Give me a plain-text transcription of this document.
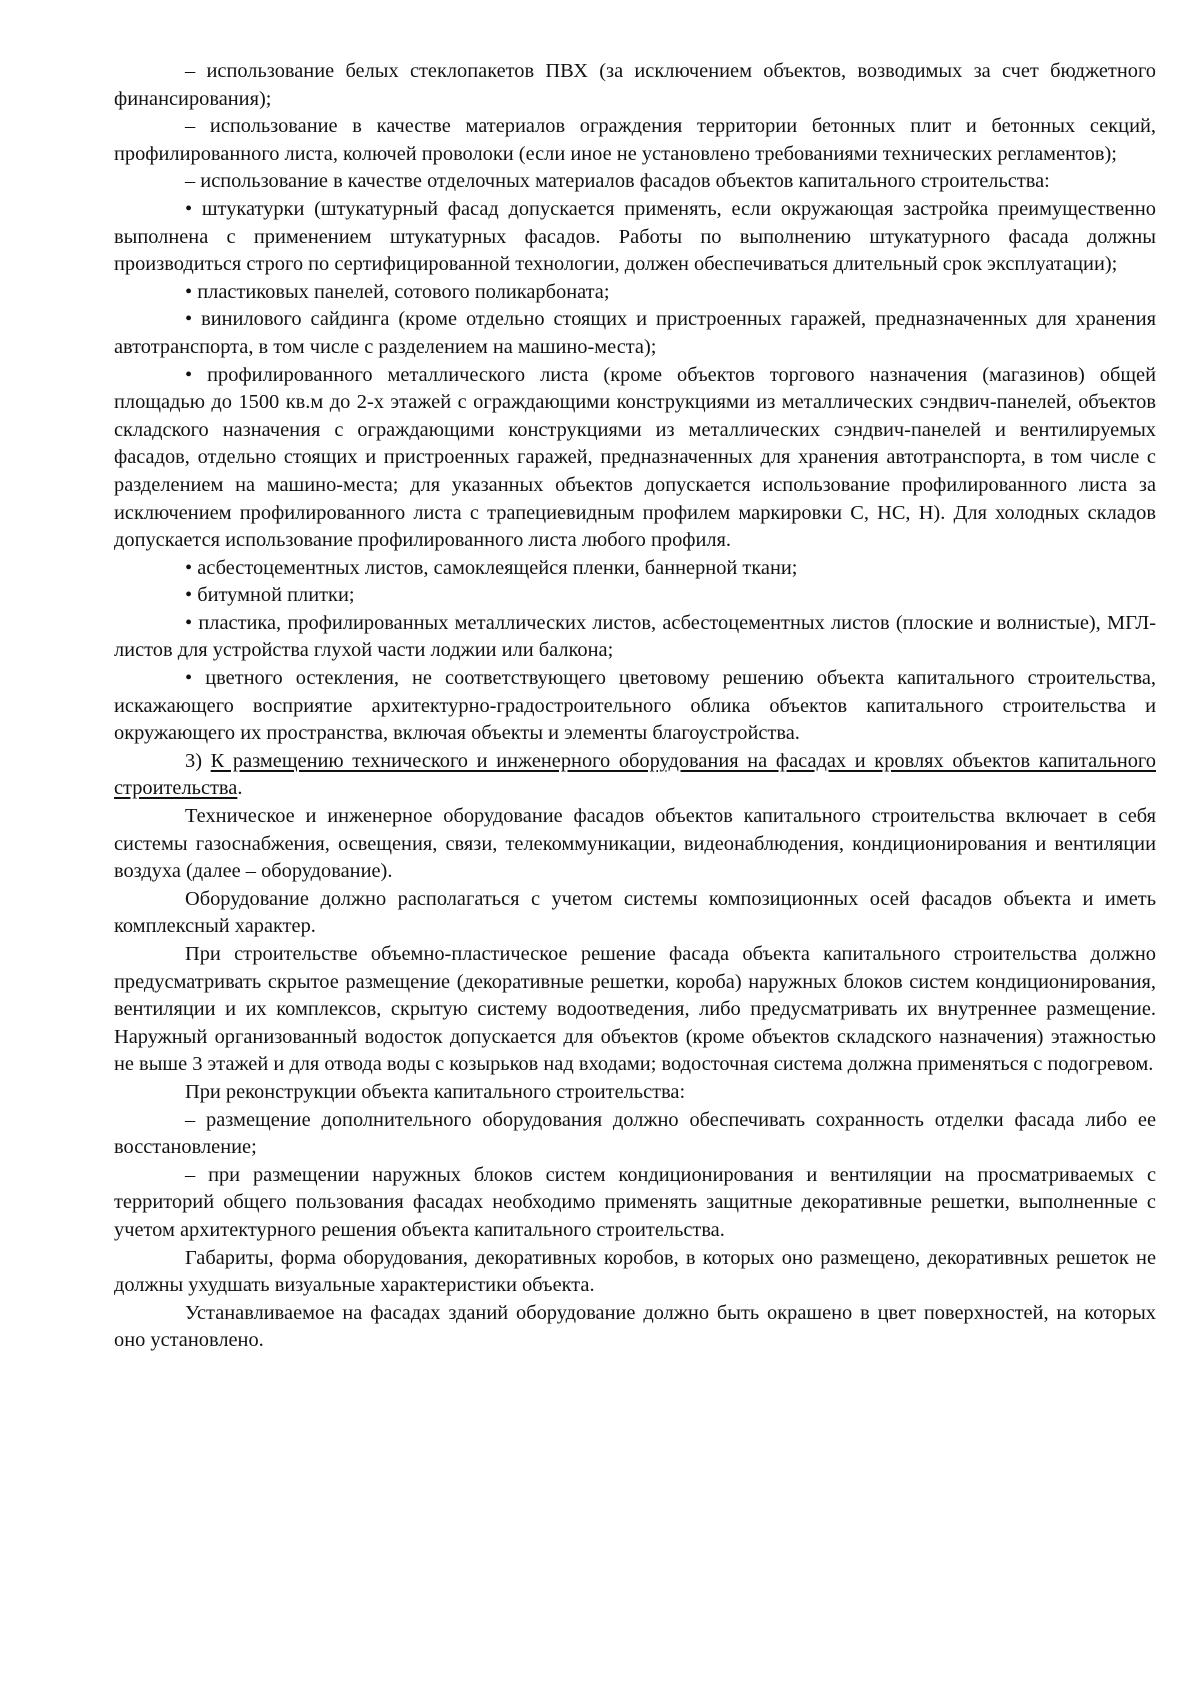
– использование белых стеклопакетов ПВХ (за исключением объектов, возводимых за счет бюджетного финансирования);

– использование в качестве материалов ограждения территории бетонных плит и бетонных секций, профилированного листа, колючей проволоки (если иное не установлено требованиями технических регламентов);

– использование в качестве отделочных материалов фасадов объектов капитального строительства:

• штукатурки (штукатурный фасад допускается применять, если окружающая застройка преимущественно выполнена с применением штукатурных фасадов. Работы по выполнению штукатурного фасада должны производиться строго по сертифицированной технологии, должен обеспечиваться длительный срок эксплуатации);

• пластиковых панелей, сотового поликарбоната;

• винилового сайдинга (кроме отдельно стоящих и пристроенных гаражей, предназначенных для хранения автотранспорта, в том числе с разделением на машино-места);

• профилированного металлического листа (кроме объектов торгового назначения (магазинов) общей площадью до 1500 кв.м до 2-х этажей с ограждающими конструкциями из металлических сэндвич-панелей, объектов складского назначения с ограждающими конструкциями из металлических сэндвич-панелей и вентилируемых фасадов, отдельно стоящих и пристроенных гаражей, предназначенных для хранения автотранспорта, в том числе с разделением на машино-места; для указанных объектов допускается использование профилированного листа за исключением профилированного листа с трапециевидным профилем маркировки С, НС, Н). Для холодных складов допускается использование профилированного листа любого профиля.

• асбестоцементных листов, самоклеящейся пленки, баннерной ткани;

• битумной плитки;

• пластика, профилированных металлических листов, асбестоцементных листов (плоские и волнистые), МГЛ-листов для устройства глухой части лоджии или балкона;

• цветного остекления, не соответствующего цветовому решению объекта капитального строительства, искажающего восприятие архитектурно-градостроительного облика объектов капитального строительства и окружающего их пространства, включая объекты и элементы благоустройства.

3) К размещению технического и инженерного оборудования на фасадах и кровлях объектов капитального строительства.

Техническое и инженерное оборудование фасадов объектов капитального строительства включает в себя системы газоснабжения, освещения, связи, телекоммуникации, видеонаблюдения, кондиционирования и вентиляции воздуха (далее – оборудование).

Оборудование должно располагаться с учетом системы композиционных осей фасадов объекта и иметь комплексный характер.

При строительстве объемно-пластическое решение фасада объекта капитального строительства должно предусматривать скрытое размещение (декоративные решетки, короба) наружных блоков систем кондиционирования, вентиляции и их комплексов, скрытую систему водоотведения, либо предусматривать их внутреннее размещение. Наружный организованный водосток допускается для объектов (кроме объектов складского назначения) этажностью не выше 3 этажей и для отвода воды с козырьков над входами; водосточная система должна применяться с подогревом.

При реконструкции объекта капитального строительства:

– размещение дополнительного оборудования должно обеспечивать сохранность отделки фасада либо ее восстановление;

– при размещении наружных блоков систем кондиционирования и вентиляции на просматриваемых с территорий общего пользования фасадах необходимо применять защитные декоративные решетки, выполненные с учетом архитектурного решения объекта капитального строительства.

Габариты, форма оборудования, декоративных коробов, в которых оно размещено, декоративных решеток не должны ухудшать визуальные характеристики объекта.

Устанавливаемое на фасадах зданий оборудование должно быть окрашено в цвет поверхностей, на которых оно установлено.
